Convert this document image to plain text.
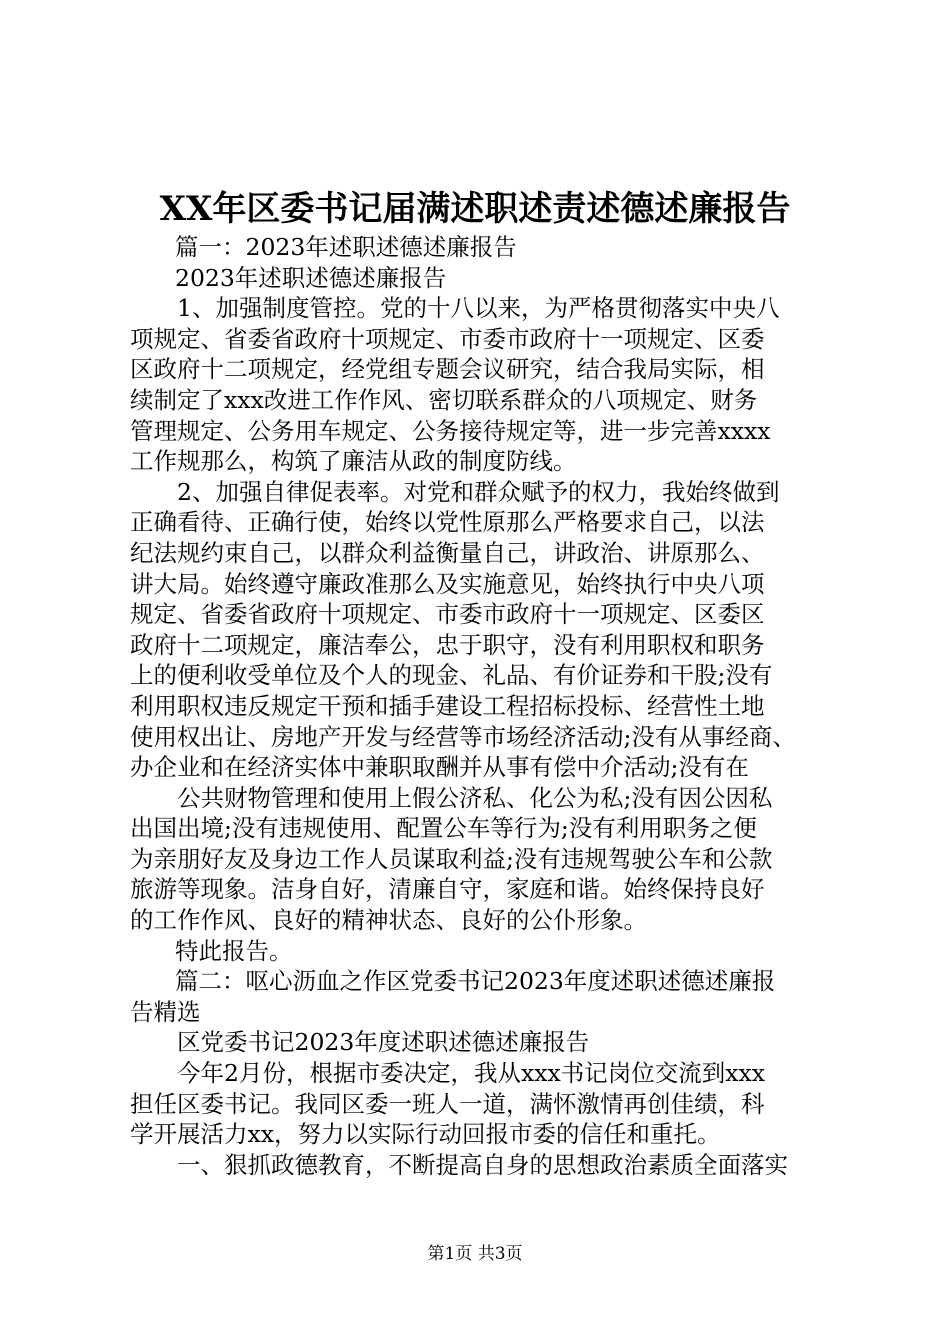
XX年区委书记届满述职述责述德述廉报告
篇一：2023年述职述德述廉报告
2023年述职述德述廉报告
1、加强制度管控。党的十八以来，为严格贯彻落实中央八
项规定、省委省政府十项规定、市委市政府十一项规定、区委
区政府十二项规定，经党组专题会议研究，结合我局实际，相
续制定了xxx改进工作作风、密切联系群众的八项规定、财务
管理规定、公务用车规定、公务接待规定等，进一步完善xxxx
工作规那么，构筑了廉洁从政的制度防线。
2、加强自律促表率。对党和群众赋予的权力，我始终做到
正确看待、正确行使，始终以党性原那么严格要求自己，以法
纪法规约束自己，以群众利益衡量自己，讲政治、讲原那么、
讲大局。始终遵守廉政准那么及实施意见，始终执行中央八项
规定、省委省政府十项规定、市委市政府十一项规定、区委区
政府十二项规定，廉洁奉公，忠于职守，没有利用职权和职务
上的便利收受单位及个人的现金、礼品、有价证券和干股;没有
利用职权违反规定干预和插手建设工程招标投标、经营性土地
使用权出让、房地产开发与经营等市场经济活动;没有从事经商、
办企业和在经济实体中兼职取酬并从事有偿中介活动;没有在
公共财物管理和使用上假公济私、化公为私;没有因公因私
出国出境;没有违规使用、配置公车等行为;没有利用职务之便
为亲朋好友及身边工作人员谋取利益;没有违规驾驶公车和公款
旅游等现象。洁身自好，清廉自守，家庭和谐。始终保持良好
的工作作风、良好的精神状态、良好的公仆形象。
特此报告。
篇二：呕心沥血之作区党委书记2023年度述职述德述廉报
告精选
区党委书记2023年度述职述德述廉报告
今年2月份，根据市委决定，我从xxx书记岗位交流到xxx
担任区委书记。我同区委一班人一道，满怀激情再创佳绩，科
学开展活力xx，努力以实际行动回报市委的信任和重托。
一、狠抓政德教育，不断提高自身的思想政治素质全面落实
第1页 共3页
